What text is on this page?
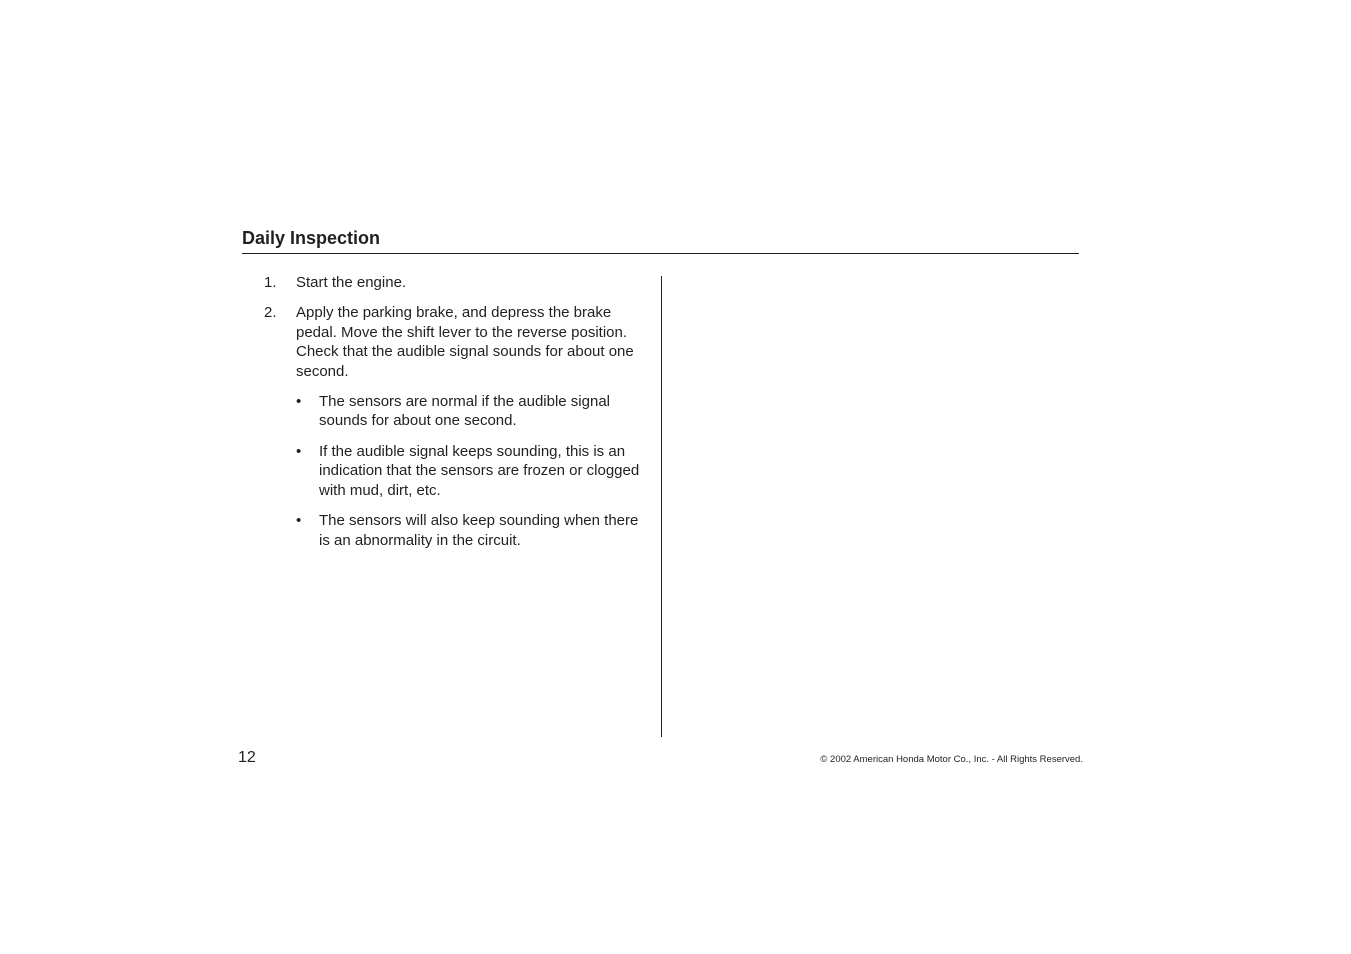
Daily Inspection
1. Start the engine.
2. Apply the parking brake, and depress the brake pedal. Move the shift lever to the reverse position. Check that the audible signal sounds for about one second.
• The sensors are normal if the audible signal sounds for about one second.
• If the audible signal keeps sounding, this is an indication that the sensors are frozen or clogged with mud, dirt, etc.
• The sensors will also keep sounding when there is an abnormality in the circuit.
12	© 2002 American Honda Motor Co., Inc. - All Rights Reserved.
